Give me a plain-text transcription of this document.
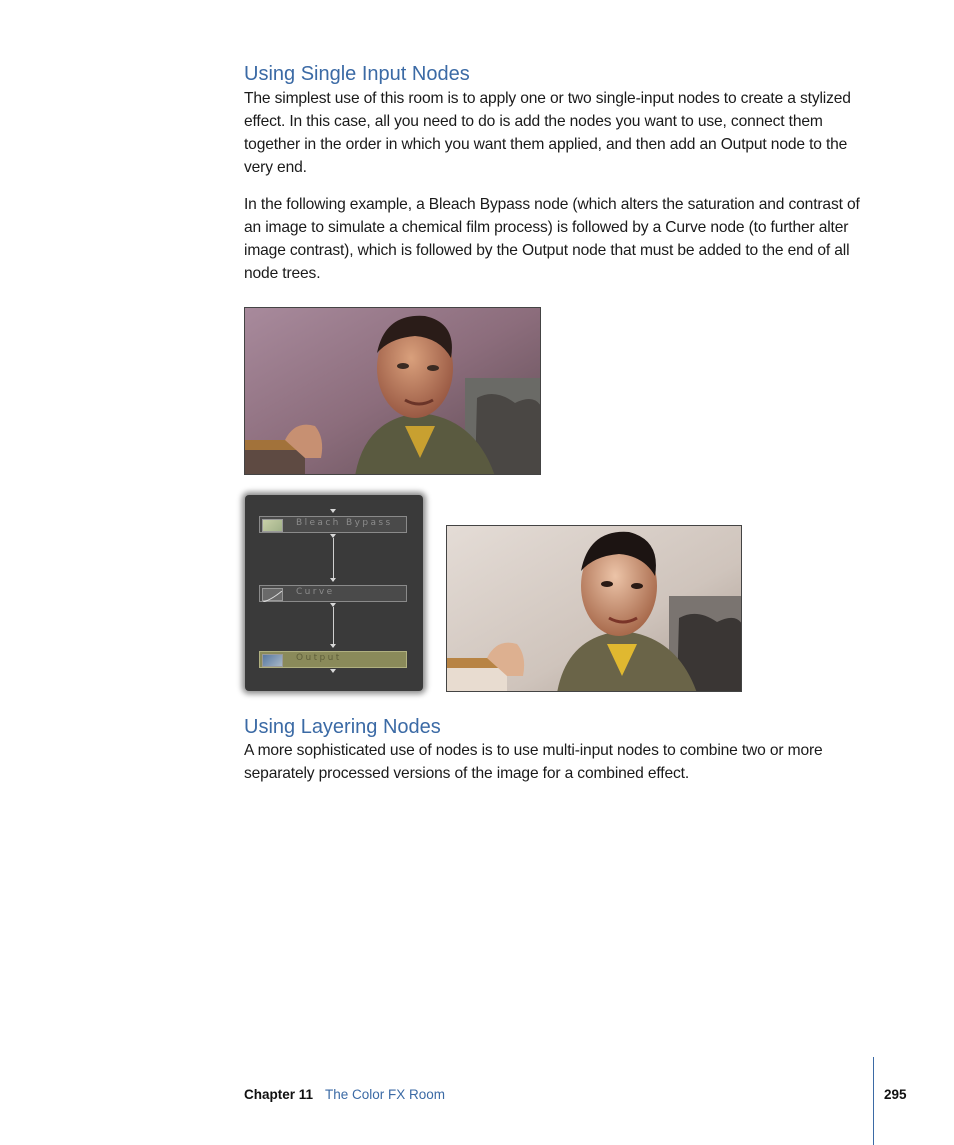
Using Single Input Nodes

The simplest use of this room is to apply one or two single-input nodes to create a stylized effect. In this case, all you need to do is add the nodes you want to use, connect them together in the order in which you want them applied, and then add an Output node to the very end.

In the following example, a Bleach Bypass node (which alters the saturation and contrast of an image to simulate a chemical film process) is followed by a Curve node (to further alter image contrast), which is followed by the Output node that must be added to the end of all node trees.

Bleach Bypass
Curve
Output
Using Layering Nodes

A more sophisticated use of nodes is to use multi-input nodes to combine two or more separately processed versions of the image for a combined effect.

Chapter 11 The Color FX Room	295
